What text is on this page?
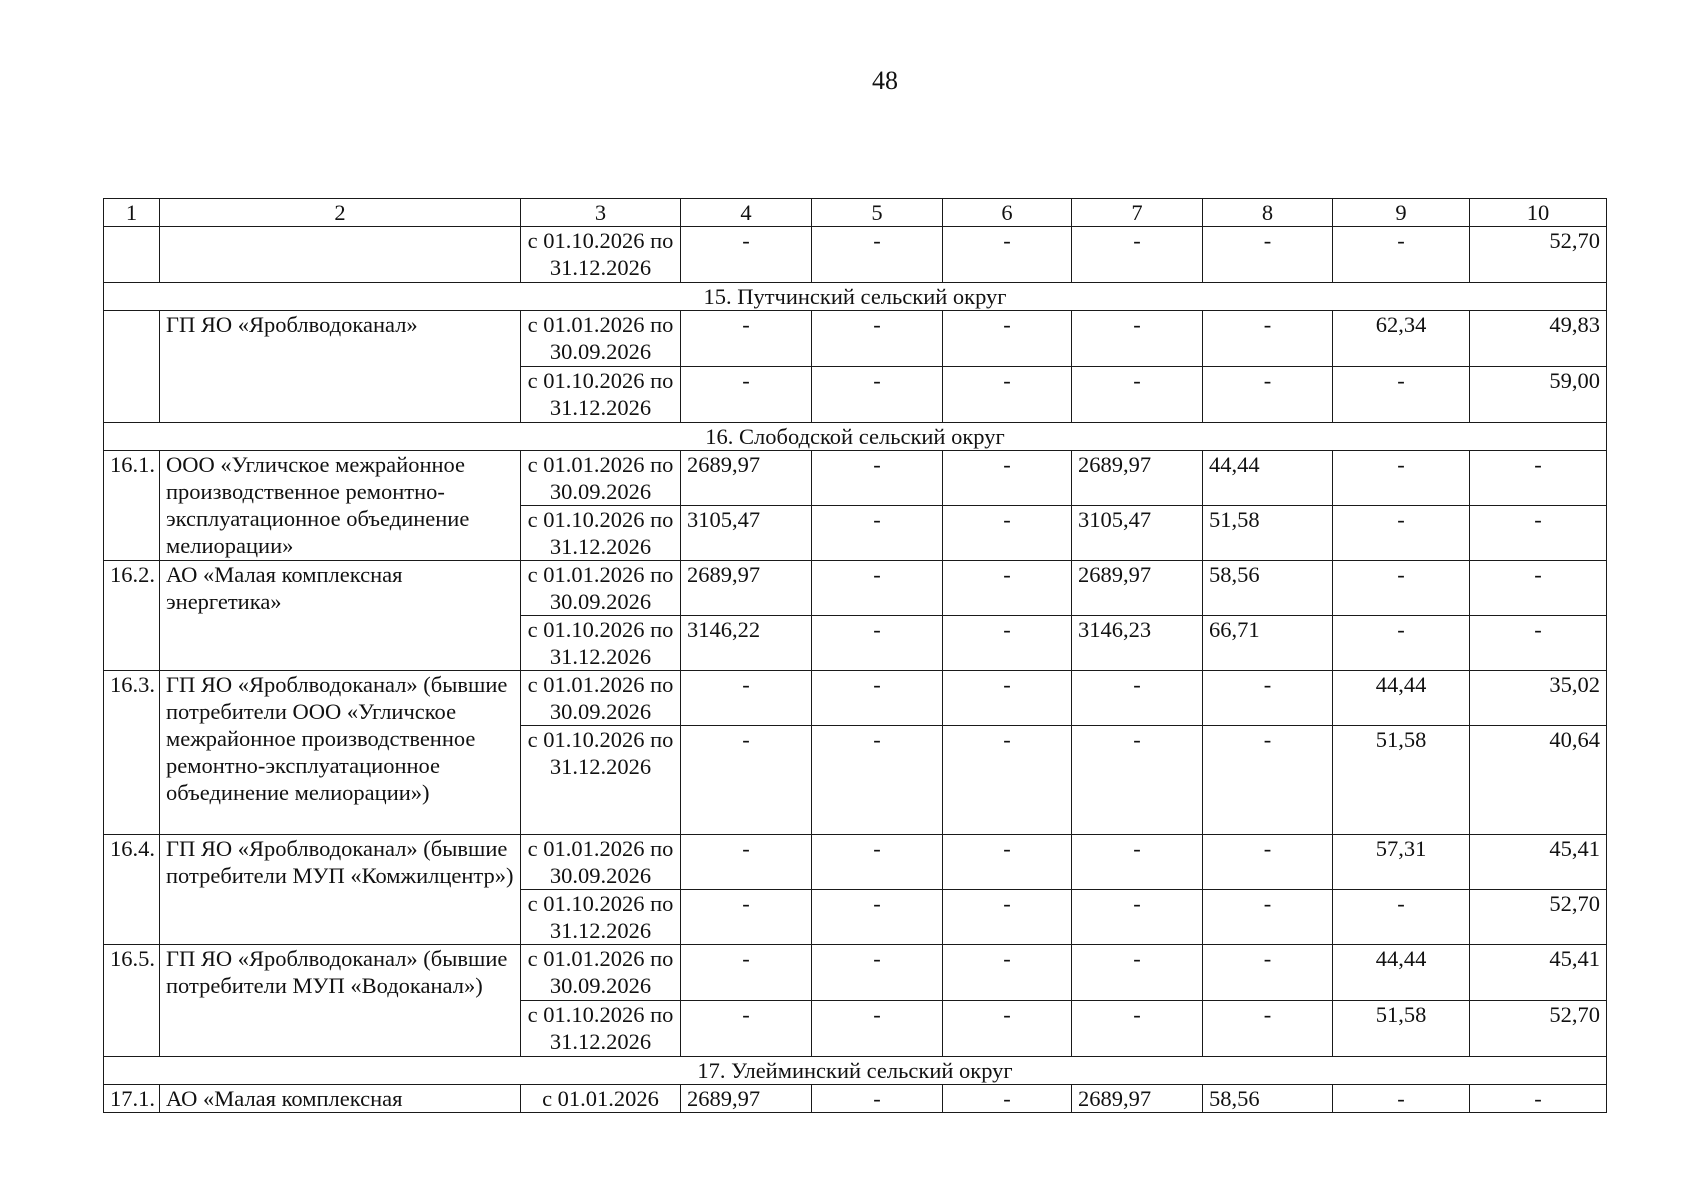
48
1	2	3	4	5	6	7	8	9	10
		с 01.10.2026 по 31.12.2026	-	-	-	-	-	-	52,70
15. Путчинский сельский округ									
	ГП ЯО «Яроблводоканал»	с 01.01.2026 по 30.09.2026	-	-	-	-	-	62,34	49,83
		с 01.10.2026 по 31.12.2026	-	-	-	-	-	-	59,00
16. Слободской сельский округ									
16.1.	ООО «Угличское межрайонное производственное ремонтно-эксплуатационное объединение мелиорации»	с 01.01.2026 по 30.09.2026	2689,97	-	-	2689,97	44,44	-	-
		с 01.10.2026 по 31.12.2026	3105,47	-	-	3105,47	51,58	-	-
16.2.	АО «Малая комплексная энергетика»	с 01.01.2026 по 30.09.2026	2689,97	-	-	2689,97	58,56	-	-
		с 01.10.2026 по 31.12.2026	3146,22	-	-	3146,23	66,71	-	-
16.3.	ГП ЯО «Яроблводоканал» (бывшие потребители ООО «Угличское межрайонное производственное ремонтно-эксплуатационное объединение мелиорации»)	с 01.01.2026 по 30.09.2026	-	-	-	-	-	44,44	35,02
		с 01.10.2026 по 31.12.2026	-	-	-	-	-	51,58	40,64
16.4.	ГП ЯО «Яроблводоканал» (бывшие потребители МУП «Комжилцентр»)	с 01.01.2026 по 30.09.2026	-	-	-	-	-	57,31	45,41
		с 01.10.2026 по 31.12.2026	-	-	-	-	-	-	52,70
16.5.	ГП ЯО «Яроблводоканал» (бывшие потребители МУП «Водоканал»)	с 01.01.2026 по 30.09.2026	-	-	-	-	-	44,44	45,41
		с 01.10.2026 по 31.12.2026	-	-	-	-	-	51,58	52,70
17. Улейминский сельский округ									
17.1.	АО «Малая комплексная	с 01.01.2026	2689,97	-	-	2689,97	58,56	-	-
